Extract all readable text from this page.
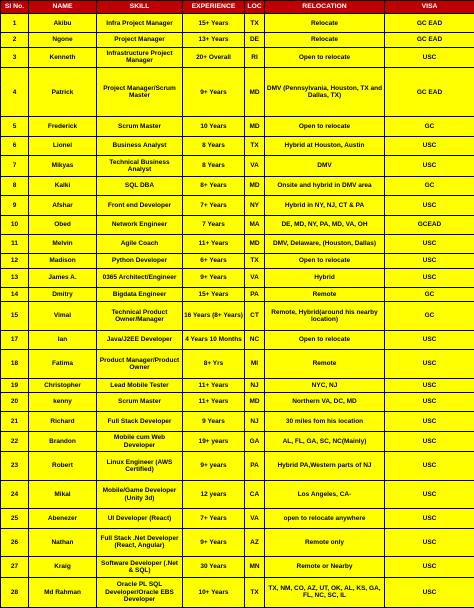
Sl No.	NAME	SKILL	EXPERIENCE	LOC	RELOCATION	VISA
1	Akibu	Infra Project Manager	15+ Years	TX	Relocate	GC EAD
2	Ngone	Project Manager	13+ Years	DE	Relocate	GC EAD
3	Kenneth	Infrastructure Project Manager	20+ Overall	RI	Open to relocate	USC
4	Patrick	Project Manager/Scrum Master	9+ Years	MD	DMV (Pennsylvania, Houston, TX and Dallas, TX)	GC EAD
5	Frederick	Scrum Master	10 Years	MD	Open to relocate	GC
6	Lionel	Business Analyst	8 Years	TX	Hybrid at Houston, Austin	USC
7	Mikyas	Technical Business Analyst	8 Years	VA	DMV	USC
8	Kalki	SQL DBA	8+ Years	MD	Onsite and hybrid in DMV area	GC
9	Afshar	Front end Developer	7+ Years	NY	Hybrid in NY, NJ, CT & PA	USC
10	Obed	Network Engineer	7 Years	MA	DE, MD, NY, PA, MD, VA, OH	GCEAD
11	Melvin	Agile Coach	11+ Years	MD	DMV, Delaware, (Houston, Dallas)	USC
12	Madison	Python Developer	6+ Years	TX	Open to relocate	USC
13	James A.	0365 Architect/Engineer	9+ Years	VA	Hybrid	USC
14	Dmitry	Bigdata Engineer	15+ Years	PA	Remote	GC
15	Vimal	Technical Product Owner/Manager	16 Years (8+ Years)	CT	Remote, Hybrid(around his nearby location)	GC
17	Ian	Java/J2EE Developer	4 Years 10 Months	NC	Open to relocate	USC
18	Fatima	Product Manager/Product Owner	8+ Yrs	MI	Remote	USC
19	Christopher	Lead Mobile Tester	11+ Years	NJ	NYC, NJ	USC
20	kenny	Scrum Master	11+ Years	MD	Northern VA, DC, MD	USC
21	Richard	Full Stack Developer	9 Years	NJ	30 miles fom his location	USC
22	Brandon	Mobile cum Web Developer	19+ years	GA	AL, FL, GA, SC, NC(Mainly)	USC
23	Robert	Linux Engineer (AWS Certified)	9+ years	PA	Hybrid PA,Western parts of NJ	USC
24	Mikal	Mobile/Game Developer (Unity 3d)	12 years	CA	Los Angeles, CA-	USC
25	Abenezer	UI Developer (React)	7+ Years	VA	open to relocate anywhere	USC
26	Nathan	Full Stack .Net Developer (React, Angular)	9+ Years	AZ	Remote only	USC
27	Kraig	Software Developer (.Net & SQL)	30 Years	MN	Remote or Nearby	USC
28	Md Rahman	Oracle PL SQL Developer/Oracle EBS Developer	10+ Years	TX	TX, NM, CO, AZ, UT, OK, AL, KS, GA, FL, NC, SC, IL	USC
